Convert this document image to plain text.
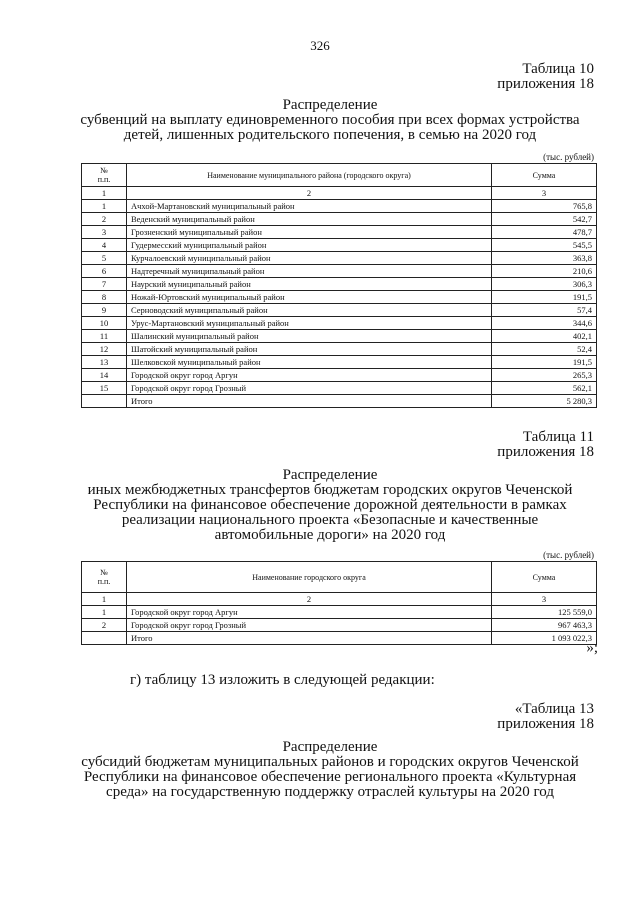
326
Таблица 10
приложения 18
Распределение
субвенций на выплату единовременного пособия при всех формах устройства
детей, лишенных родительского попечения, в семью на 2020 год
(тыс. рублей)
№
п.п.	Наименование муниципального района (городского округа)	Сумма
1	2	3
1	Ачхой-Мартановский муниципальный район	765,8
2	Веденский муниципальный район	542,7
3	Грозненский муниципальный район	478,7
4	Гудермесский муниципальный район	545,5
5	Курчалоевский муниципальный район	363,8
6	Надтеречный муниципальный район	210,6
7	Наурский муниципальный район	306,3
8	Ножай-Юртовский муниципальный район	191,5
9	Серноводский муниципальный район	57,4
10	Урус-Мартановский муниципальный район	344,6
11	Шалинский муниципальный район	402,1
12	Шатойский муниципальный район	52,4
13	Шелковской муниципальный район	191,5
14	Городской округ город Аргун	265,3
15	Городской округ город Грозный	562,1
	Итого	5 280,3
Таблица 11
приложения 18
Распределение
иных межбюджетных трансфертов бюджетам городских округов Чеченской
Республики на финансовое обеспечение дорожной деятельности в рамках
реализации национального проекта «Безопасные и качественные
автомобильные дороги» на 2020 год
(тыс. рублей)
№
п.п.	Наименование городского округа	Сумма
1	2	3
1	Городской округ город Аргун	125 559,0
2	Городской округ город Грозный	967 463,3
	Итого	1 093 022,3
»;
г) таблицу 13 изложить в следующей редакции:
«Таблица 13
приложения 18
Распределение
субсидий бюджетам муниципальных районов и городских округов Чеченской
Республики на финансовое обеспечение регионального проекта «Культурная
среда» на государственную поддержку отраслей культуры на 2020 год
